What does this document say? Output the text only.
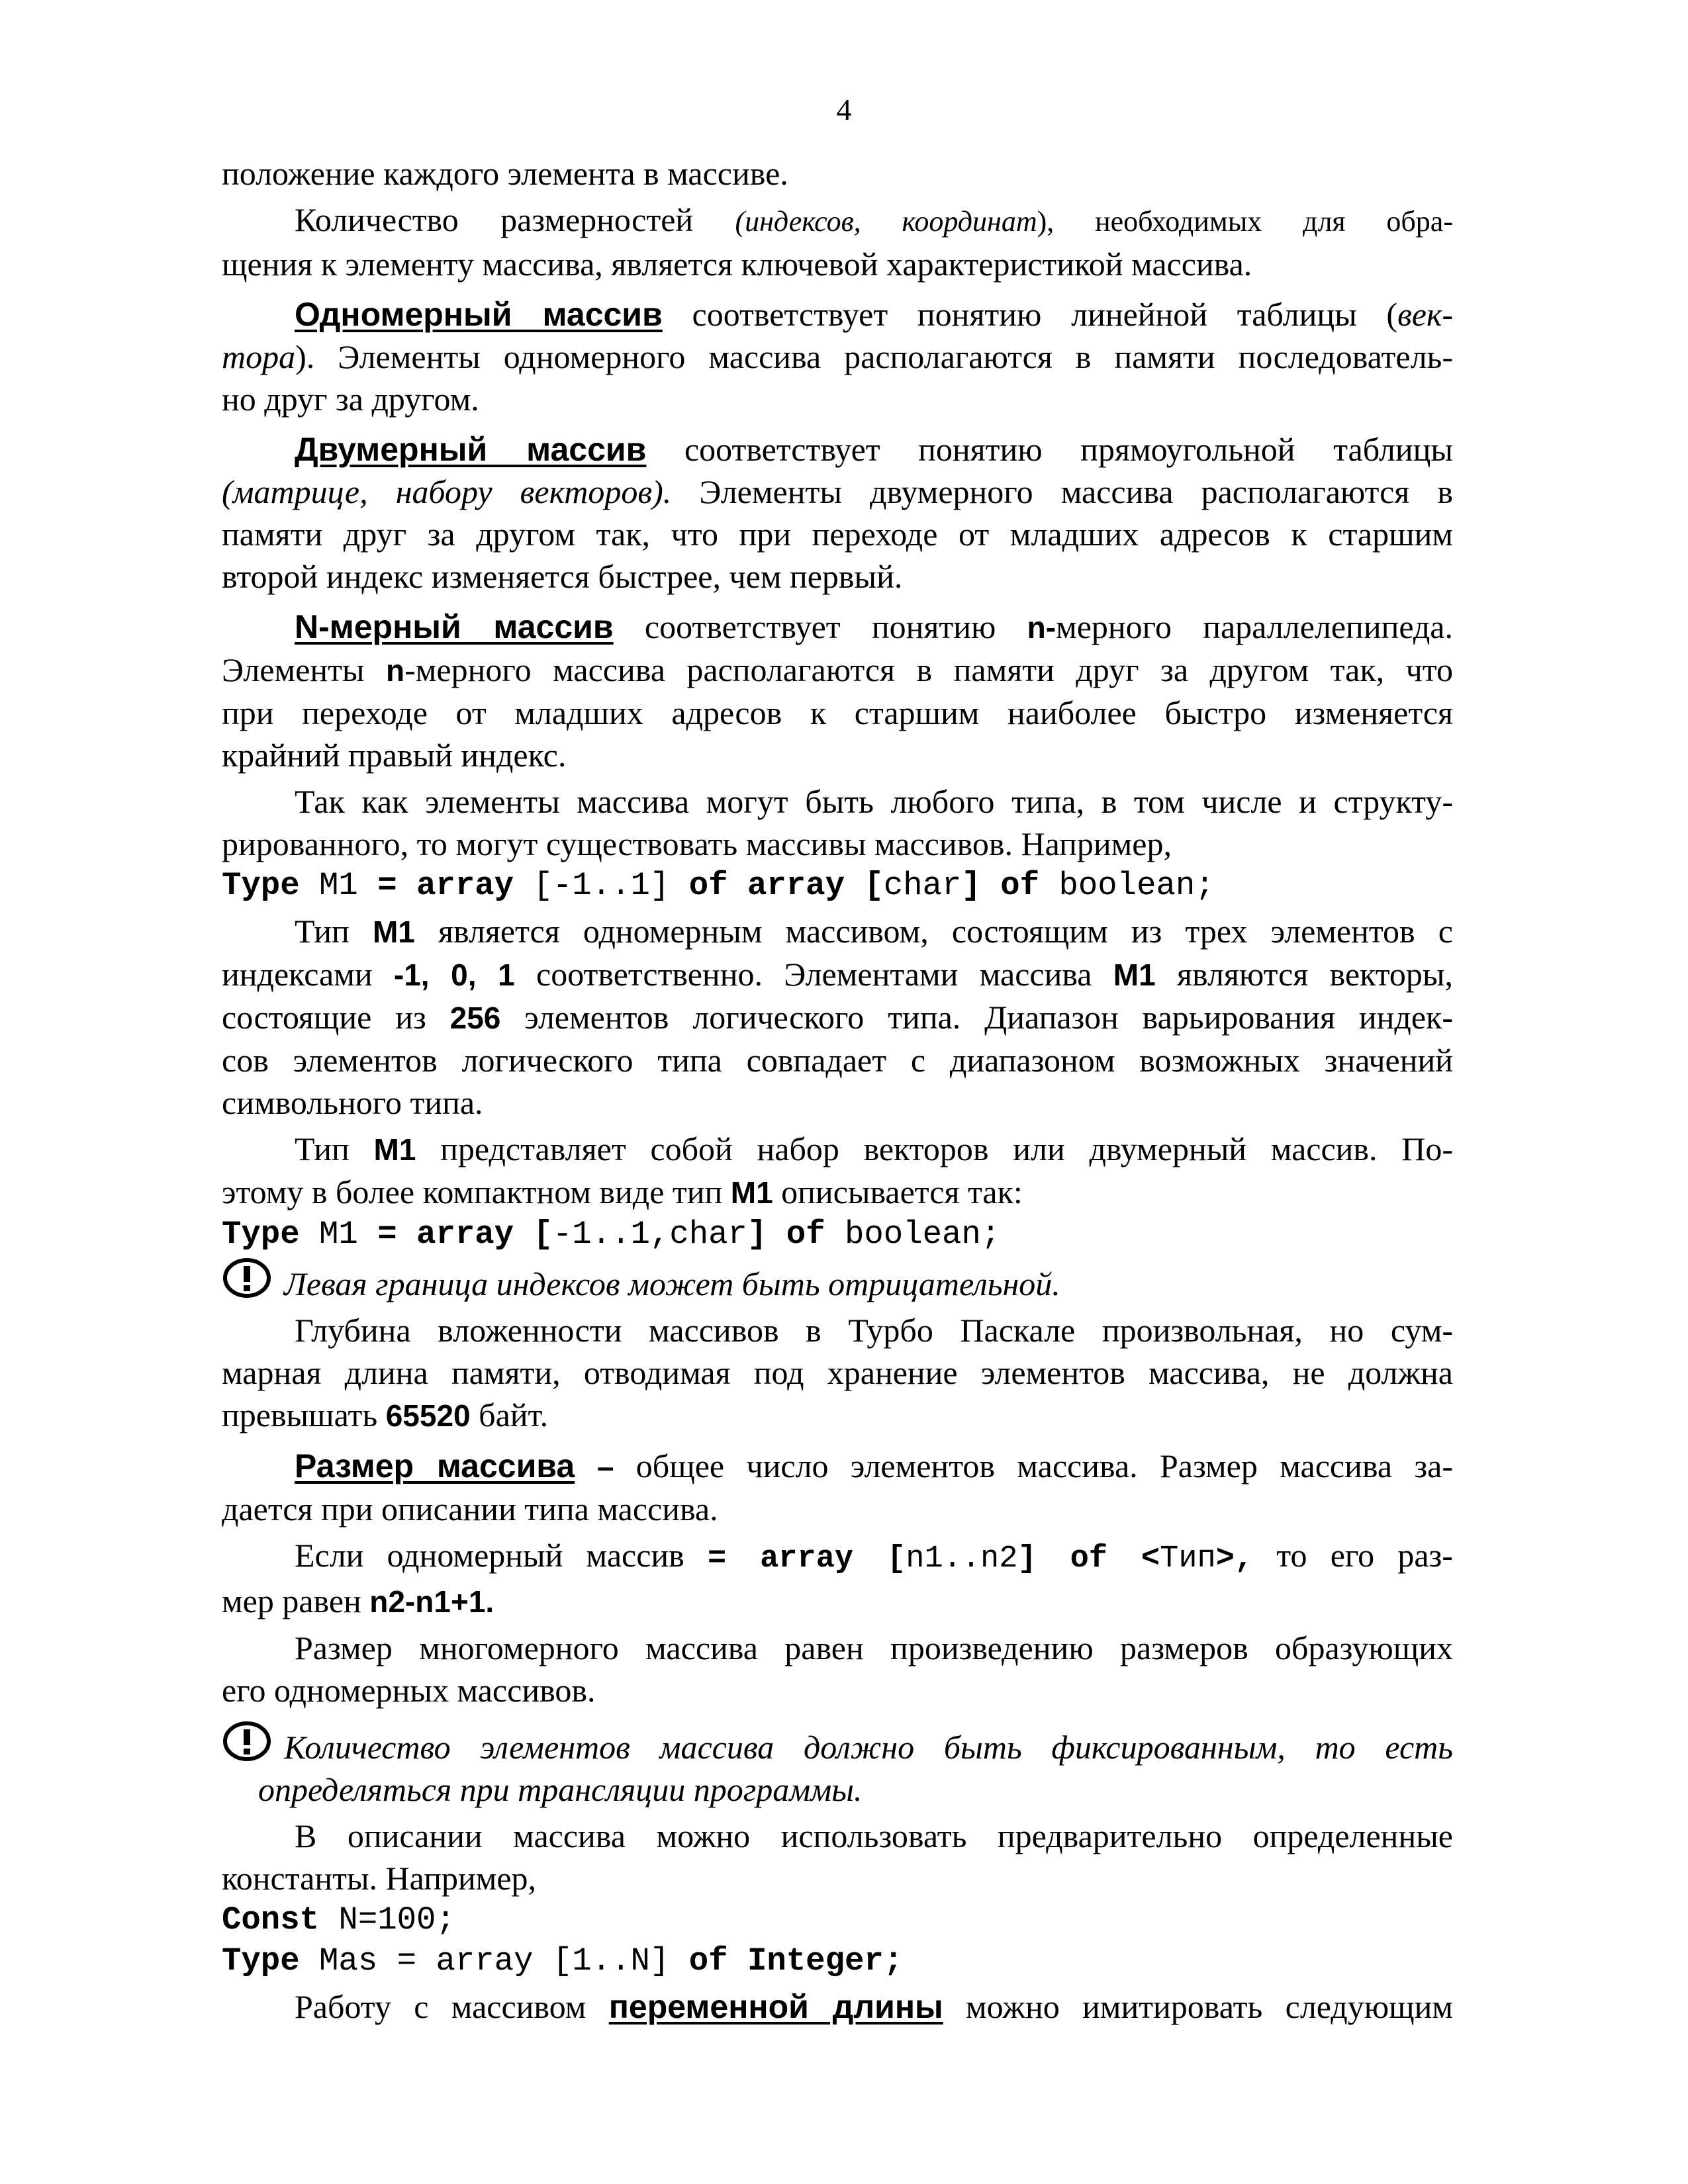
4

положение каждого элемента в массиве.

Количество размерностей (индексов, координат), необходимых для обра-
щения к элементу массива, является ключевой характеристикой массива.

Одномерный массив соответствует понятию линейной таблицы (век-
тора). Элементы одномерного массива располагаются в памяти последователь-
но друг за другом.

Двумерный массив соответствует понятию прямоугольной таблицы
(матрице, набору векторов). Элементы двумерного массива располагаются в
памяти друг за другом так, что при переходе от младших адресов к старшим
второй индекс изменяется быстрее, чем первый.

N-мерный массив соответствует понятию n-мерного параллелепипеда.
Элементы n-мерного массива располагаются в памяти друг за другом так, что
при переходе от младших адресов к старшим наиболее быстро изменяется
крайний правый индекс.

Так как элементы массива могут быть любого типа, в том числе и структу-
рированного, то могут существовать массивы массивов. Например,

Type M1 = array [-1..1] of array [char] of boolean;

Тип M1 является одномерным массивом, состоящим из трех элементов с
индексами -1, 0, 1 соответственно. Элементами массива M1 являются векторы,
состоящие из 256 элементов логического типа. Диапазон варьирования индек-
сов элементов логического типа совпадает с диапазоном возможных значений
символьного типа.

Тип M1 представляет собой набор векторов или двумерный массив. По-
этому в более компактном виде тип M1 описывается так:

Type M1 = array [-1..1,char] of boolean;
Левая граница индексов может быть отрицательной.

Глубина вложенности массивов в Турбо Паскале произвольная, но сум-
марная длина памяти, отводимая под хранение элементов массива, не должна
превышать 65520 байт.

Размер массива – общее число элементов массива. Размер массива за-
дается при описании типа массива.

Если одномерный массив = array [n1..n2] of <Тип>, то его раз-
мер равен n2-n1+1.

Размер многомерного массива равен произведению размеров образующих
его одномерных массивов.

Количество элементов массива должно быть фиксированным, то есть

определяться при трансляции программы.

В описании массива можно использовать предварительно определенные
константы. Например,

Const N=100;
Type Mas = array [1..N] of Integer;

Работу с массивом переменной длины можно имитировать следующим
